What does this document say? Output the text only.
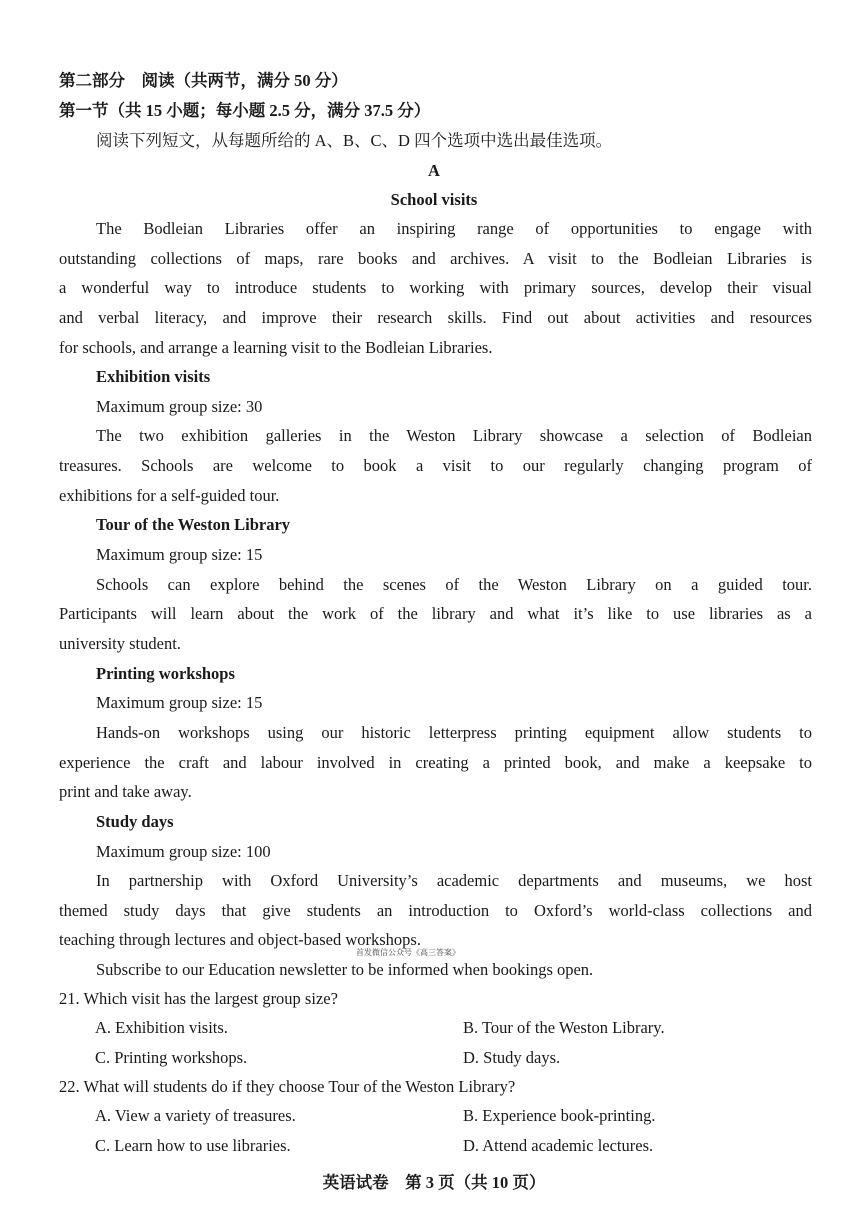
第二部分　阅读（共两节，满分 50 分）
第一节（共 15 小题；每小题 2.5 分，满分 37.5 分）
阅读下列短文，从每题所给的 A、B、C、D 四个选项中选出最佳选项。
A
School visits
The Bodleian Libraries offer an inspiring range of opportunities to engage with
outstanding collections of maps, rare books and archives. A visit to the Bodleian Libraries is
a wonderful way to introduce students to working with primary sources, develop their visual
and verbal literacy, and improve their research skills. Find out about activities and resources
for schools, and arrange a learning visit to the Bodleian Libraries.
Exhibition visits
Maximum group size: 30
The two exhibition galleries in the Weston Library showcase a selection of Bodleian
treasures. Schools are welcome to book a visit to our regularly changing program of
exhibitions for a self-guided tour.
Tour of the Weston Library
Maximum group size: 15
Schools can explore behind the scenes of the Weston Library on a guided tour.
Participants will learn about the work of the library and what it’s like to use libraries as a
university student.
Printing workshops
Maximum group size: 15
Hands-on workshops using our historic letterpress printing equipment allow students to
experience the craft and labour involved in creating a printed book, and make a keepsake to
print and take away.
Study days
Maximum group size: 100
In partnership with Oxford University’s academic departments and museums, we host
themed study days that give students an introduction to Oxford’s world-class collections and
teaching through lectures and object-based workshops.
首发微信公众号《高三答案》
Subscribe to our Education newsletter to be informed when bookings open.
21. Which visit has the largest group size?
A. Exhibition visits.	B. Tour of the Weston Library.
C. Printing workshops.	D. Study days.
22. What will students do if they choose Tour of the Weston Library?
A. View a variety of treasures.	B. Experience book-printing.
C. Learn how to use libraries.	D. Attend academic lectures.
英语试卷　第 3 页（共 10 页）
